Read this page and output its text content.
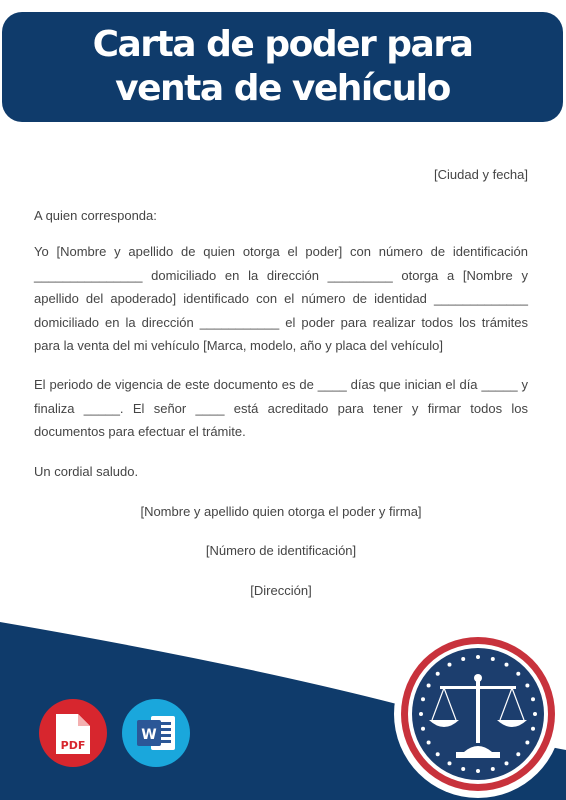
Carta de poder para
venta de vehículo

[Ciudad y fecha]

A quien corresponda:

Yo [Nombre y apellido de quien otorga el poder] con número de identificación _______________ domiciliado en la dirección _________ otorga a [Nombre y apellido del apoderado] identificado con el número de identidad _____________ domiciliado en la dirección ___________ el poder para realizar todos los trámites para la venta del mi vehículo [Marca, modelo, año y placa del vehículo]

El periodo de vigencia de este documento es de ____ días que inician el día _____ y finaliza _____. El señor ____ está acreditado para tener y firmar todos los documentos para efectuar el trámite.

Un cordial saludo.

[Nombre y apellido quien otorga el poder y firma]

[Número de identificación]

[Dirección]

PDF
W
